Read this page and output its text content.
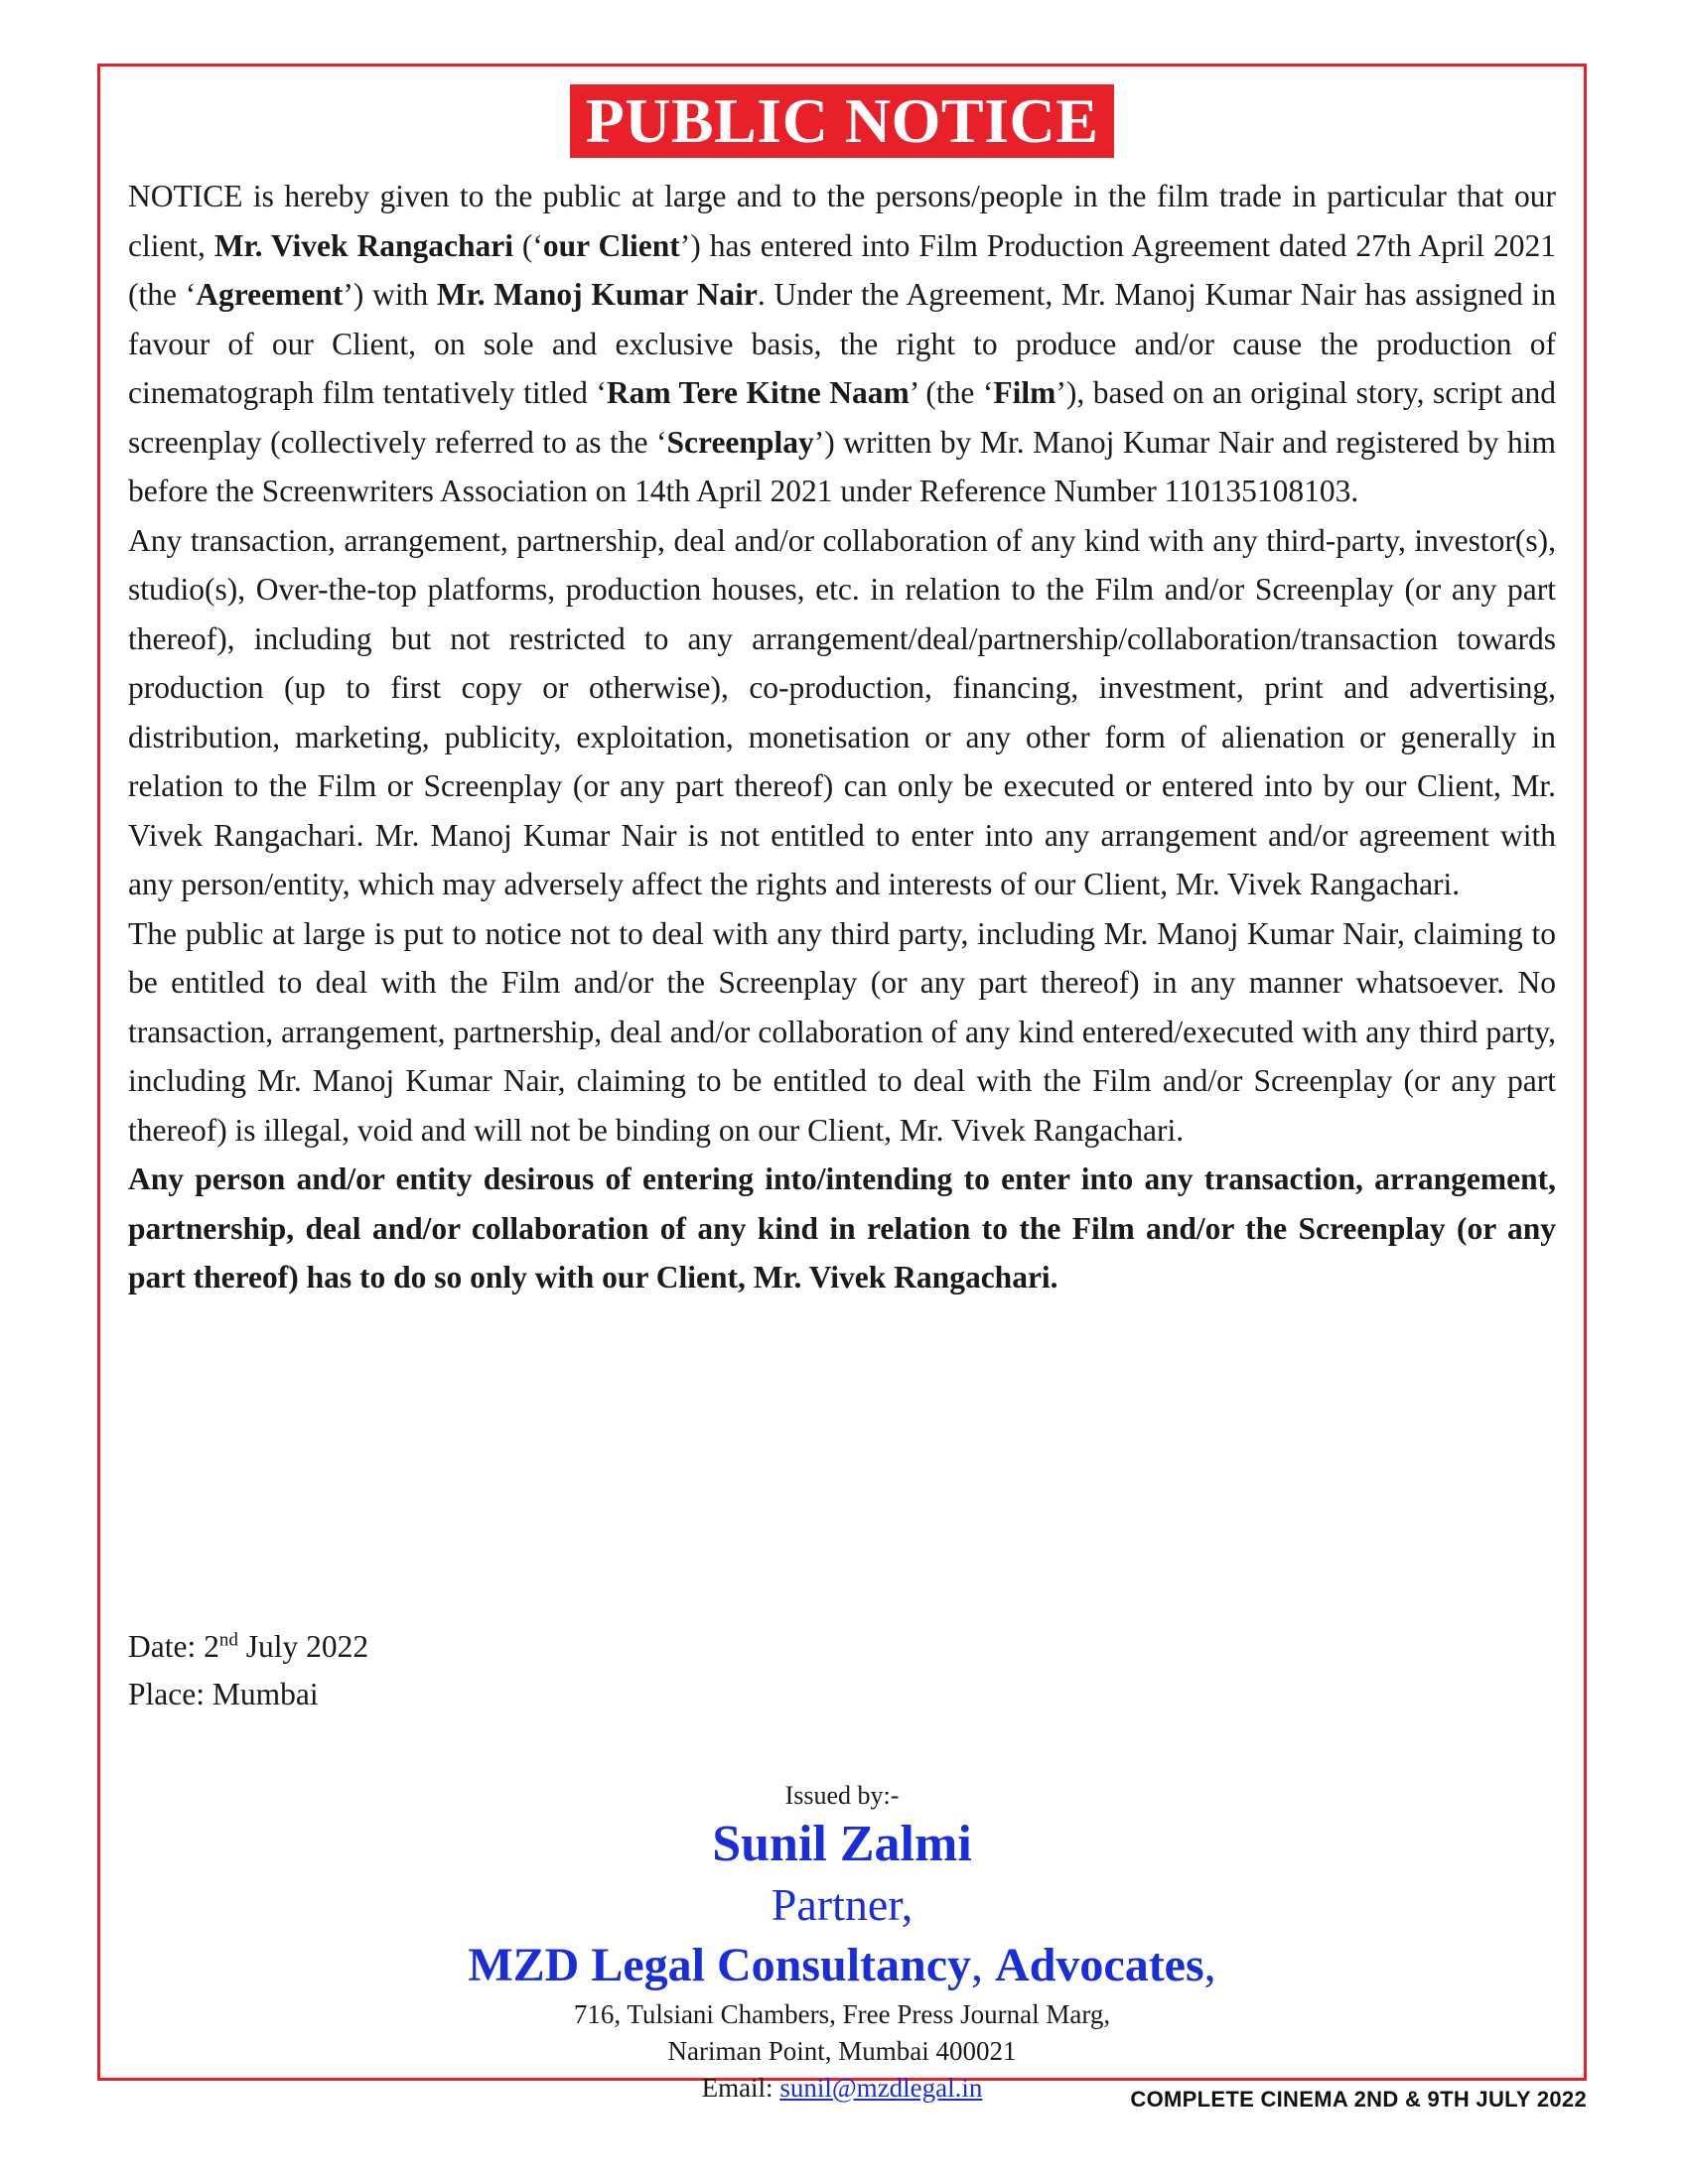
PUBLIC NOTICE

NOTICE is hereby given to the public at large and to the persons/people in the film trade in particular that our client, Mr. Vivek Rangachari (‘our Client’) has entered into Film Production Agreement dated 27th April 2021 (the ‘Agreement’) with Mr. Manoj Kumar Nair. Under the Agreement, Mr. Manoj Kumar Nair has assigned in favour of our Client, on sole and exclusive basis, the right to produce and/or cause the production of cinematograph film tentatively titled ‘Ram Tere Kitne Naam’ (the ‘Film’), based on an original story, script and screenplay (collectively referred to as the ‘Screenplay’) written by Mr. Manoj Kumar Nair and registered by him before the Screenwriters Association on 14th April 2021 under Reference Number 110135108103.

Any transaction, arrangement, partnership, deal and/or collaboration of any kind with any third-party, investor(s), studio(s), Over-the-top platforms, production houses, etc. in relation to the Film and/or Screenplay (or any part thereof), including but not restricted to any arrangement/deal/partnership/collaboration/transaction towards production (up to first copy or otherwise), co-production, financing, investment, print and advertising, distribution, marketing, publicity, exploitation, monetisation or any other form of alienation or generally in relation to the Film or Screenplay (or any part thereof) can only be executed or entered into by our Client, Mr. Vivek Rangachari. Mr. Manoj Kumar Nair is not entitled to enter into any arrangement and/or agreement with any person/entity, which may adversely affect the rights and interests of our Client, Mr. Vivek Rangachari.

The public at large is put to notice not to deal with any third party, including Mr. Manoj Kumar Nair, claiming to be entitled to deal with the Film and/or the Screenplay (or any part thereof) in any manner whatsoever. No transaction, arrangement, partnership, deal and/or collaboration of any kind entered/executed with any third party, including Mr. Manoj Kumar Nair, claiming to be entitled to deal with the Film and/or Screenplay (or any part thereof) is illegal, void and will not be binding on our Client, Mr. Vivek Rangachari.

Any person and/or entity desirous of entering into/intending to enter into any transaction, arrangement, partnership, deal and/or collaboration of any kind in relation to the Film and/or the Screenplay (or any part thereof) has to do so only with our Client, Mr. Vivek Rangachari.

Date: 2nd July 2022
Place: Mumbai
Issued by:-
Sunil Zalmi
Partner,
MZD Legal Consultancy, Advocates,
716, Tulsiani Chambers, Free Press Journal Marg,
Nariman Point, Mumbai 400021
Email: sunil@mzdlegal.in	COMPLETE CINEMA 2ND & 9TH JULY 2022
